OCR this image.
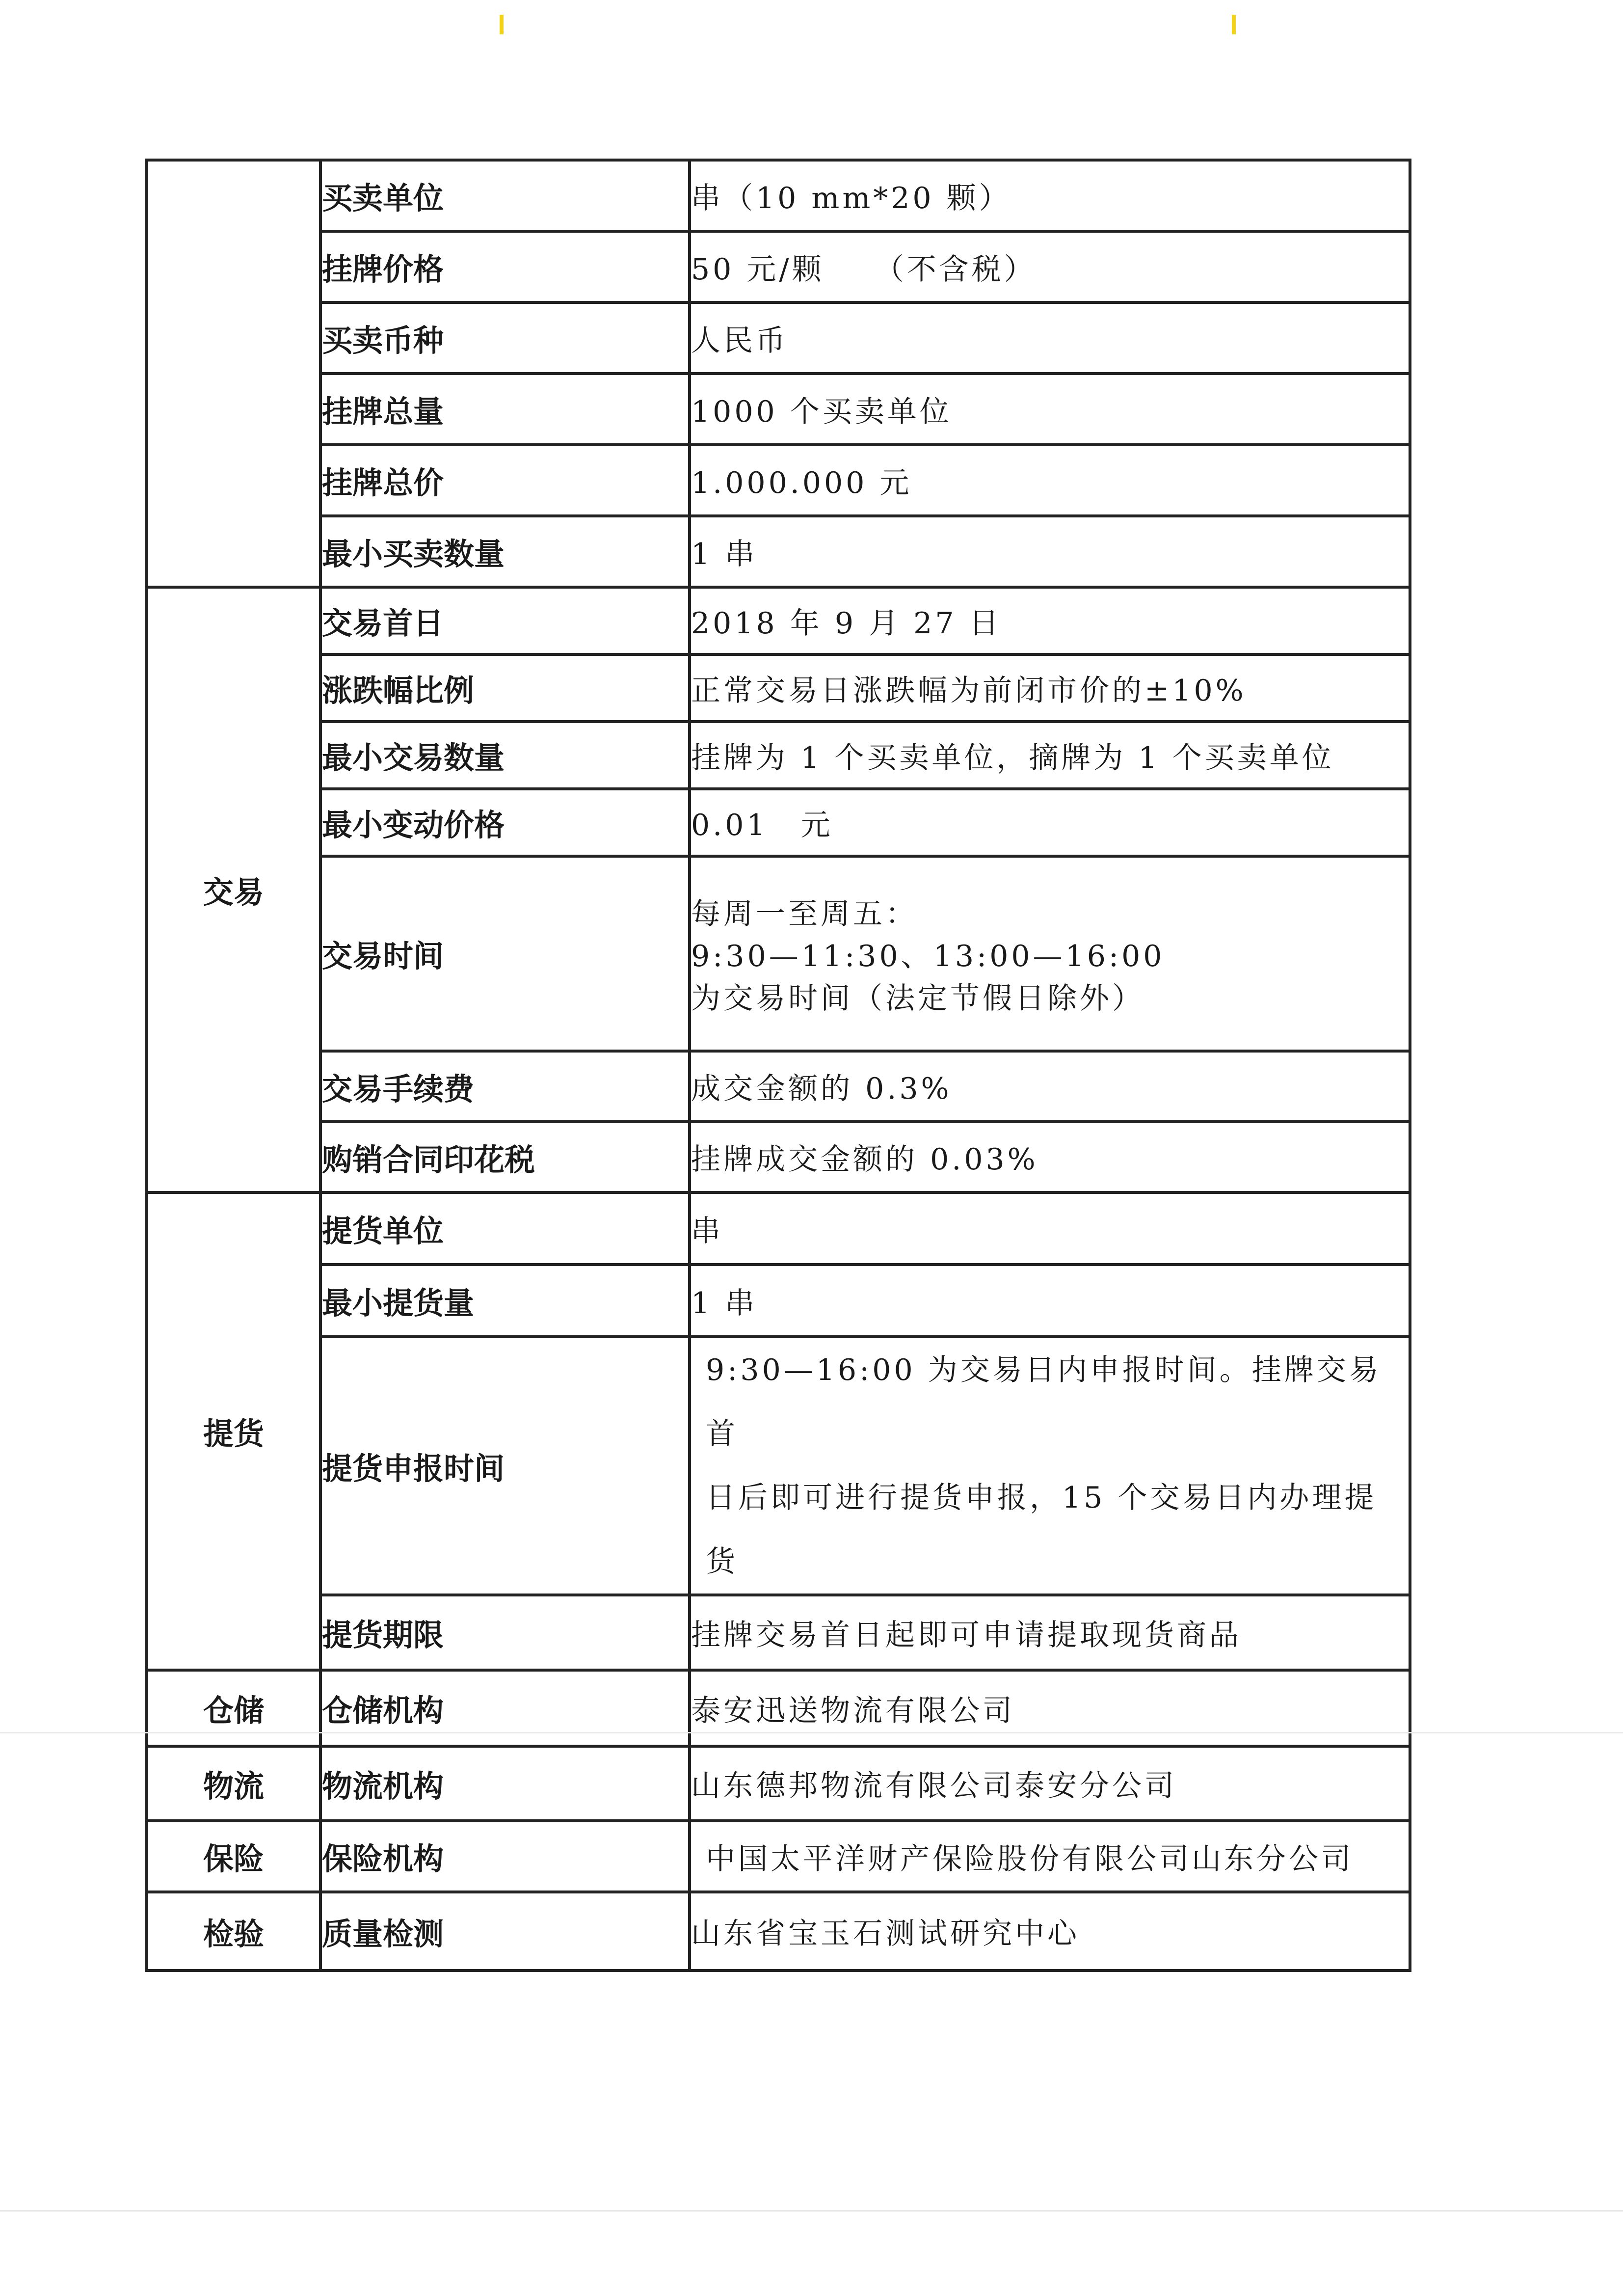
	买卖单位	串（10 mm*20 颗）
	挂牌价格	50 元/颗　　（不含税）
	买卖币种	人民币
	挂牌总量	1000 个买卖单位
	挂牌总价	1.000.000 元
	最小买卖数量	1 串
交易	交易首日	2018 年 9 月 27 日
	涨跌幅比例	正常交易日涨跌幅为前闭市价的±10%
	最小交易数量	挂牌为 1 个买卖单位，摘牌为 1 个买卖单位
	最小变动价格	0.01　元
	交易时间	每周一至周五：
9:30—11:30、13:00—16:00
为交易时间（法定节假日除外）

	交易手续费	成交金额的 0.3%
	购销合同印花税	挂牌成交金额的 0.03%
提货	提货单位	串
	最小提货量	1 串
	提货申报时间	9:30—16:00 为交易日内申报时间。挂牌交易首
日后即可进行提货申报，15 个交易日内办理提货

	提货期限	挂牌交易首日起即可申请提取现货商品
仓储	仓储机构	泰安迅送物流有限公司
物流	物流机构	山东德邦物流有限公司泰安分公司
保险	保险机构	中国太平洋财产保险股份有限公司山东分公司
检验	质量检测	山东省宝玉石测试研究中心
